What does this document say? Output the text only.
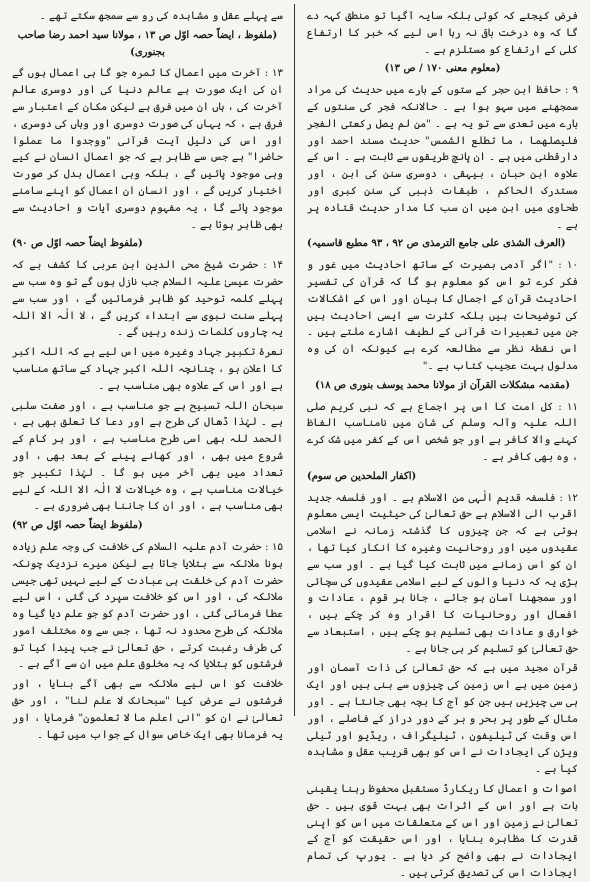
فرض کیجئے کہ کوئی بلکہ سایہ آگیا تو منطق کہہ دے گا کہ وہ درخت باقی نہ رہا اس لیے کہ خبر کا ارتفاع کلی کے ارتفاع کو مستلزم ہے ۔

(معلوم معنی ۱۷۰ / ص ۱۳)

۹ : حافظ ابن حجر کے ستوں کے بارے میں حدیث کی مراد سمجھنے میں سہو ہوا ہے ۔ حالانکہ فجر کی سنتوں کے بارے میں تعدی سے تو یہ ہے ۔ "من لم یصل رکعتی الفجر فلیصلھما ، ما تطلع الشمس" حدیث مسند احمد اور دارقطنی میں ہے ۔ ان پانچ طریقوں سے ثابت ہے ۔ اس کے علاوہ ابن حبان ، بیہقی ، دوسری سنن کی ابن ، اور مستدرک الحاکم ، طبقات ذہبی کی سنن کبری اور طحاوی میں ابن میں ان سب کا مدار حدیث قتادہ پر ہے ۔

(العرف الشذی علی جامع الترمذی ص ۹۲ ، ۹۳ مطبع قاسمیہ)

۱۰ : "اگر آدمی بصیرت کے ساتھ احادیث میں غور و فکر کرے تو اس کو معلوم ہو گا کہ قرآن کی تفسیر احادیث قرآن کے اجمال کا بیان اور اس کے اشکالات کی توضیحات ہیں بلکہ کثرت سے ایسی احادیث ہیں جن میں تعبیرات قرآنی کے لطیف اشارے ملتے ہیں ۔ اس نقطۂ نظر سے مطالعہ کرے ہے کیونکہ ان کی وہ مدلول بہت عجیب کتاب ہے ۔"

(مقدمہ مشکلات القرآن از مولانا محمد یوسف بنوری ص ۱۸)

۱۱ : کل امت کا اس پر اجماع ہے کہ نبی کریم صلی اللہ علیہ وآلہ وسلم کی شان میں نامناسب الفاظ کہنے والا کافر ہے اور جو شخص اس کے کفر میں شک کرے ، وہ بھی کافر ہے ۔

(اکفار الملحدین ص سوم)

۱۲ : فلسفہ قدیم الٰہی من الاسلام ہے ۔ اور فلسفہ جدید اقرب الی الاسلام ہے حق تعالیٰ کی حیثیت ایسی معلوم ہوتی ہے کہ جن چیزوں کا گذشتہ زمانہ نے اسلامی عقیدوں میں اور روحانیت وغیرہ کا انکار کیا تھا ، ان کو اس زمانے میں ثابت کیا گیا ہے ۔ اور سب سے بڑی یہ کہ دنیا والوں کے لیے اسلامی عقیدوں کی سچائی اور سمجھنا آسان ہو جائے ، جانا ہر قوم ، عادات و افعال اور روحانیات کا اقرار وہ کر چکے ہیں ، خوارق و عادات بھی تسلیم ہو چکے ہیں ، استبعاد سے حق تعالیٰ کو تسلیم کر ہی جانا ہے ۔

قرآن مجید میں ہے کہ حق تعالیٰ کی ذات آسمان اور زمین میں ہے اس زمین کی چیزوں سے بنی ہیں اور ایک ہی سی چیزیں ہیں جن کو آج کا بچہ بھی جانتا ہے ۔ اور مثال کے طور پر بحر و بر کے دور دراز کے فاصلے ، اور اس وقت کی ٹیلیفون ، ٹیلیگراف ، ریڈیو اور ٹیلی ویژن کی ایجادات نے اس کو بھی قریب عقل و مشاہدہ کیا ہے ۔

اصوات و اعمال کا ریکارڈ مستقبل محفوظ رہنا یقینی بات ہے اور اس کے اثرات بھی بہت قوی ہیں ۔ حق تعالیٰ نے زمین اور اس کے متعلقات میں اس کو اپنی قدرت کا مظاہرہ بنایا ، اور اس حقیقت کو آج کے ایجادات نے بھی واضح کر دیا ہے ۔ یورپ کی تمام ایجادات اس کی تصدیق کرتی ہیں ۔

سے پہلے عقل و مشاہدہ کی رو سے سمجھ سکتے تھے ۔

(ملفوظ ، ایضاً حصہ اوّل ص ۱۳ ، مولانا سید احمد رضا صاحب بجنوری)

۱۳ : آخرت میں اعمال کا ثمرہ جو گا ہی اعمال ہوں گے ان کی ایک صورت ہے عالم دنیا کی اور دوسری عالم آخرت کی ، ہاں ان میں فرق ہے لیکن مکان کے اعتبار سے فرق ہے ، کہ یہاں کی صورت دوسری اور وہاں کی دوسری ، اور اس کی دلیل آیت قرآنی "ووجدوا ما عملوا حاضرا" ہے جس سے ظاہر ہے کہ جو اعمال انسان نے کیے وہی موجود پائیں گے ، بلکہ وہی اعمال بدل کر صورت اختیار کریں گے ، اور انسان ان اعمال کو اپنے سامنے موجود پائے گا ، یہ مفہوم دوسری آیات و احادیث سے بھی ظاہر ہوتا ہے ۔

(ملفوظ ایضاً حصہ اوّل ص ۹۰)

۱۴ : حضرت شیخ محی الدین ابن عربی کا کشف ہے کہ حضرت عیسیٰ علیہ السلام جب نازل ہوں گے تو وہ سب سے پہلے کلمہ توحید کو ظاہر فرمائیں گے ، اور سب سے پہلے سنت نبوی سے ابتداء کریں گے ، لا الٰہ الا اللہ یہ چاروں کلمات زندہ رہیں گے ۔

نعرۂ تکبیر جہاد وغیرہ میں اس لیے ہے کہ اللہ اکبر کا اعلان ہو ، چنانچہ اللہ اکبر جہاد کے ساتھ مناسب ہے اور اس کے علاوہ بھی مناسب ہے ۔

سبحان اللہ تسبیح ہے جو مناسب ہے ، اور صفت سلبی ہے ۔ لہٰذا ڈھال کی طرح ہے اور دعا کا تعلق بھی ہے ، الحمد للہ بھی اسی طرح مناسب ہے ، اور ہر کام کے شروع میں بھی ، اور کھانے پینے کے بعد بھی ، اور تعداد میں بھی آخر میں ہو گا ۔ لہٰذا تکبیر جو خیالات مناسب ہے ، وہ خیالات لا الٰہ الا اللہ کے لیے بھی مناسب ہے ، اور ان کا جاننا بھی ضروری ہے ۔

(ملفوظ ایضاً حصہ اوّل ص ۹۲)

۱۵ : حضرت آدم علیہ السلام کی خلافت کی وجہ علم زیادہ ہونا ملائکہ سے بتلایا جاتا ہے لیکن میرے نزدیک چونکہ حضرت آدم کی خلقت ہی عبادت کے لیے نہیں تھی جیسی ملائکہ کی ، اور اس کو خلافت سپرد کی گئی ، اس لیے عطا فرمائی گئی ، اور حضرت آدم کو جو علم دیا گیا وہ ملائکہ کی طرح محدود نہ تھا ، جس سے وہ مختلف امور کی طرف رغبت کرتے ، حق تعالیٰ نے جب پیدا کیا تو فرشتوں کو بتلایا کہ یہ مخلوق علم میں ان سے آگے ہے ۔

خلافت کو اس لیے ملائکہ سے بھی آگے بنایا ، اور فرشتوں نے عرض کیا "سبحانک لا علم لنا" ، اور حق تعالیٰ نے ان کو "انی اعلم ما لا تعلمون" فرمایا ، اور یہ فرمانا بھی ایک خاص سوال کے جواب میں تھا ۔
